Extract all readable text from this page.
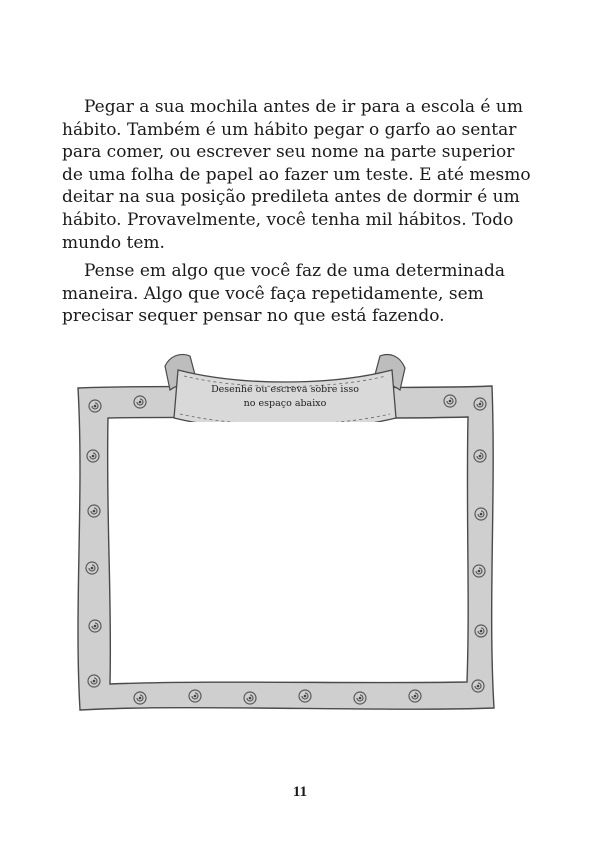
Pegar a sua mochila antes de ir para a escola é um
hábito. Também é um hábito pegar o garfo ao sentar
para comer, ou escrever seu nome na parte superior
de uma folha de papel ao fazer um teste. E até mesmo
deitar na sua posição predileta antes de dormir é um
hábito. Provavelmente, você tenha mil hábitos. Todo
mundo tem.

Pense em algo que você faz de uma determinada
maneira. Algo que você faça repetidamente, sem
precisar sequer pensar no que está fazendo.

Desenhe ou escreva sobre isso
no espaço abaixo
11
